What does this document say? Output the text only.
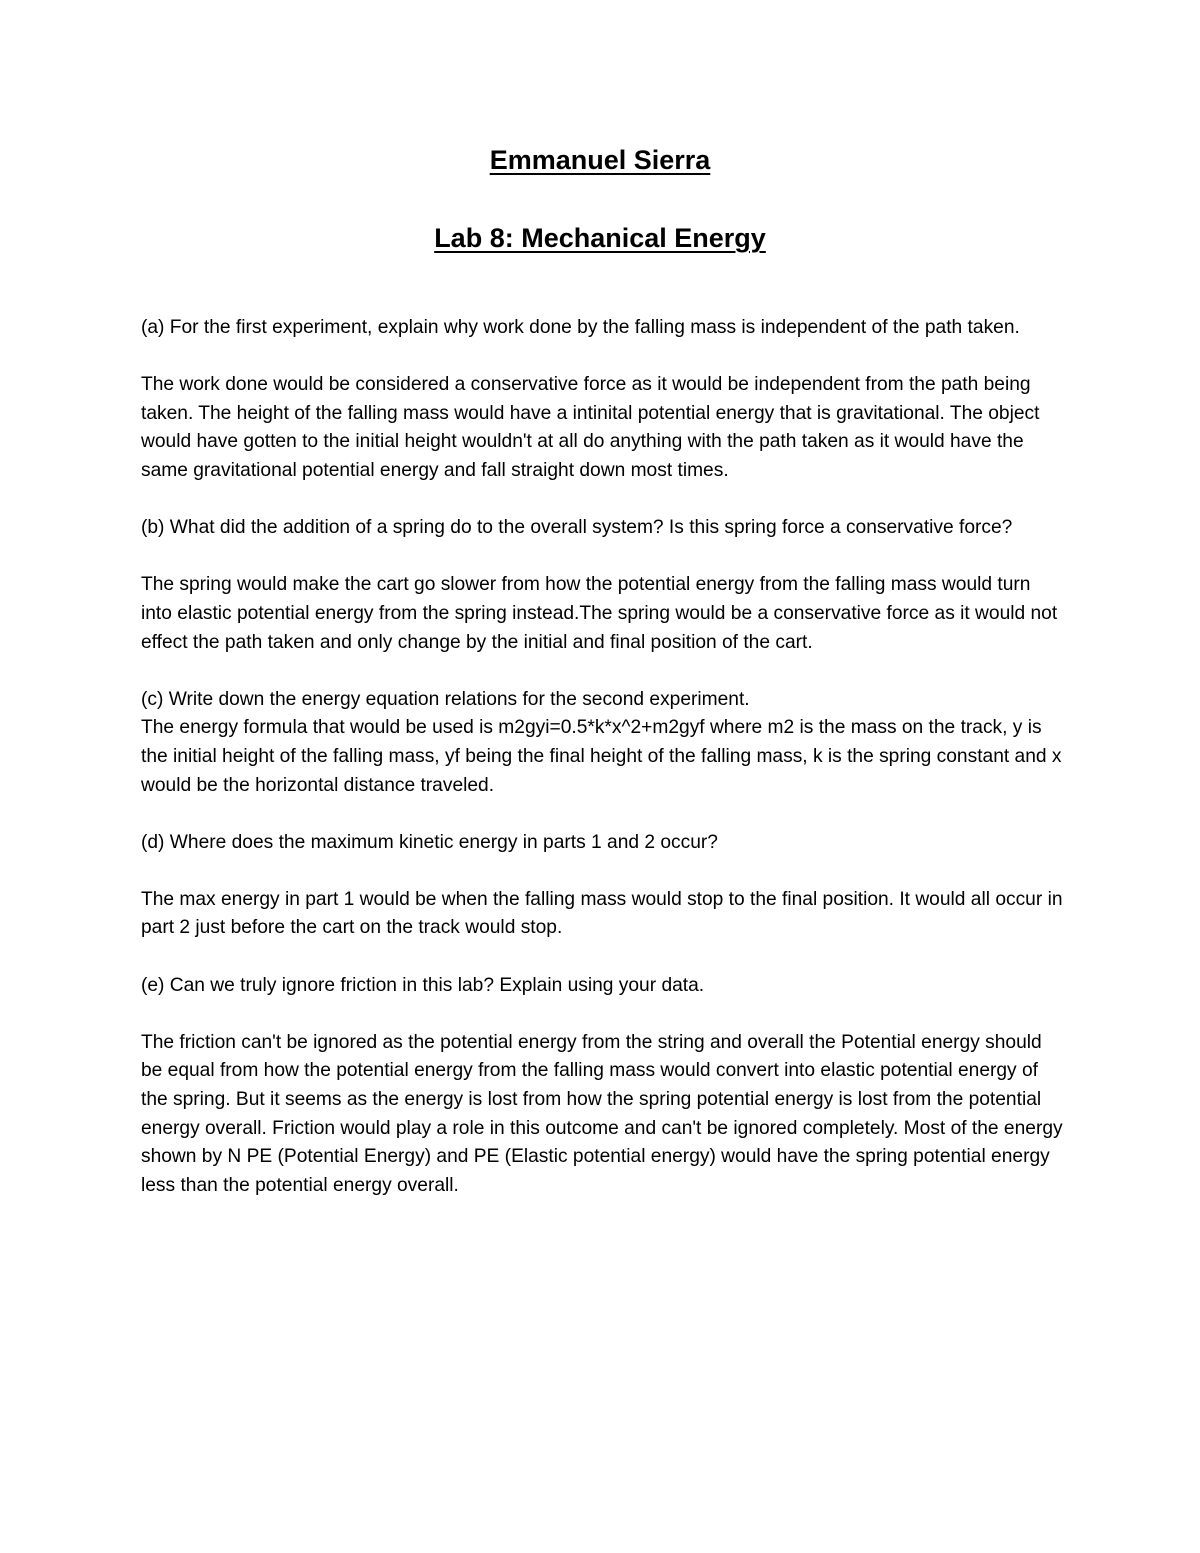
Emmanuel Sierra
Lab 8: Mechanical Energy

(a) For the first experiment, explain why work done by the falling mass is independent of the path taken.

The work done would be considered a conservative force as it would be independent from the path being taken. The height of the falling mass would have a intinital potential energy that is gravitational. The object would have gotten to the initial height wouldn't at all do anything with the path taken as it would have the same gravitational potential energy and fall straight down most times.

(b) What did the addition of a spring do to the overall system? Is this spring force a conservative force?

The spring would make the cart go slower from how the potential energy from the falling mass would turn into elastic potential energy from the spring instead.The spring would be a conservative force as it would not effect the path taken and only change by the initial and final position of the cart.

(c) Write down the energy equation relations for the second experiment.

The energy formula that would be used is m2gyi=0.5*k*x^2+m2gyf where m2 is the mass on the track, y is the initial height of the falling mass, yf being the final height of the falling mass, k is the spring constant and x would be the horizontal distance traveled.

(d) Where does the maximum kinetic energy in parts 1 and 2 occur?

The max energy in part 1 would be when the falling mass would stop to the final position. It would all occur in part 2 just before the cart on the track would stop.

(e) Can we truly ignore friction in this lab? Explain using your data.

The friction can't be ignored as the potential energy from the string and overall the Potential energy should be equal from how the potential energy from the falling mass would convert into elastic potential energy of the spring. But it seems as the energy is lost from how the spring potential energy is lost from the potential energy overall. Friction would play a role in this outcome and can't be ignored completely. Most of the energy shown by N PE (Potential Energy) and PE (Elastic potential energy) would have the spring potential energy less than the potential energy overall.
